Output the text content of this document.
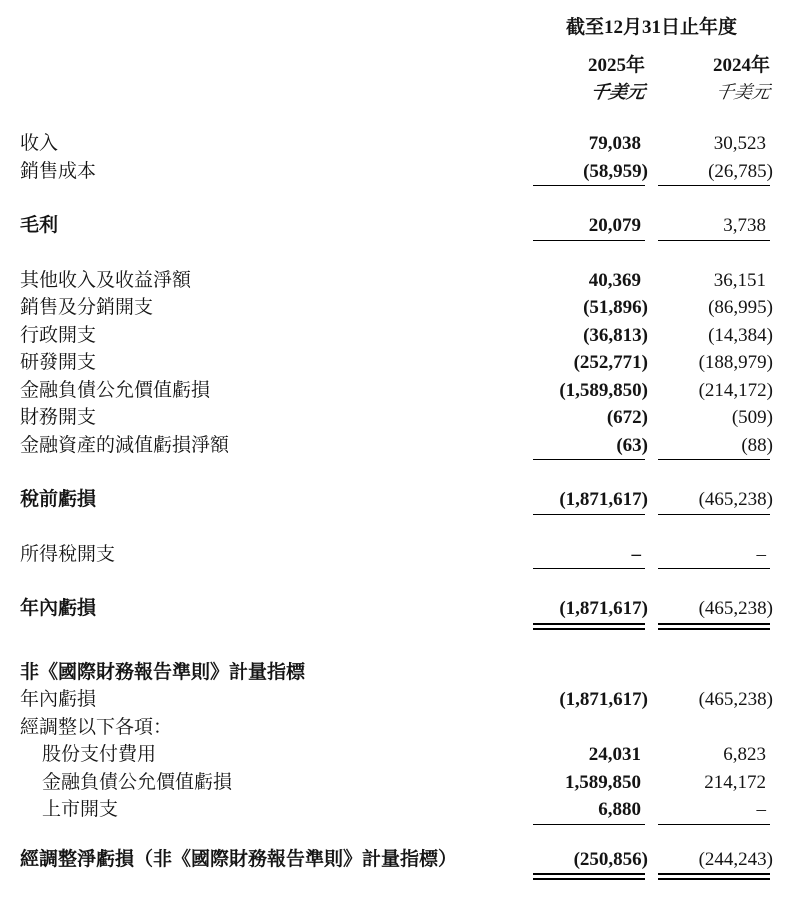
截至12月31日止年度
2025年	2024年
千美元	千美元
收入	79,038	30,523
銷售成本	(58,959)	(26,785)
毛利	20,079	3,738
其他收入及收益淨額	40,369	36,151
銷售及分銷開支	(51,896)	(86,995)
行政開支	(36,813)	(14,384)
研發開支	(252,771)	(188,979)
金融負債公允價值虧損	(1,589,850)	(214,172)
財務開支	(672)	(509)
金融資產的減值虧損淨額	(63)	(88)
稅前虧損	(1,871,617)	(465,238)
所得稅開支	–	–
年內虧損	(1,871,617)	(465,238)
非《國際財務報告準則》計量指標
年內虧損	(1,871,617)	(465,238)
經調整以下各項：
股份支付費用	24,031	6,823
金融負債公允價值虧損	1,589,850	214,172
上市開支	6,880	–
經調整淨虧損（非《國際財務報告準則》計量指標）	(250,856)	(244,243)
